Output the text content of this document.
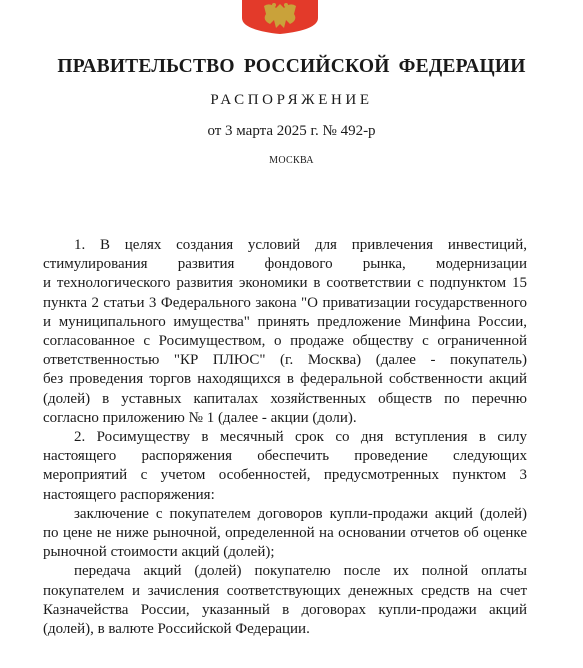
ПРАВИТЕЛЬСТВО РОССИЙСКОЙ ФЕДЕРАЦИИ
РАСПОРЯЖЕНИЕ
от 3 марта 2025 г. № 492-р
МОСКВА
1. В целях создания условий для привлечения инвестиций,
стимулирования развития фондового рынка, модернизации
и технологического развития экономики в соответствии с подпунктом 15
пункта 2 статьи 3 Федерального закона "О приватизации государственного
и муниципального имущества" принять предложение Минфина России,
согласованное с Росимуществом, о продаже обществу с ограниченной
ответственностью "КР ПЛЮС" (г. Москва) (далее - покупатель)
без проведения торгов находящихся в федеральной собственности акций
(долей) в уставных капиталах хозяйственных обществ по перечню
согласно приложению № 1 (далее - акции (доли).
2. Росимуществу в месячный срок со дня вступления в силу
настоящего распоряжения обеспечить проведение следующих
мероприятий с учетом особенностей, предусмотренных пунктом 3
настоящего распоряжения:
заключение с покупателем договоров купли-продажи акций (долей)
по цене не ниже рыночной, определенной на основании отчетов об оценке
рыночной стоимости акций (долей);
передача акций (долей) покупателю после их полной оплаты
покупателем и зачисления соответствующих денежных средств на счет
Казначейства России, указанный в договорах купли-продажи акций
(долей), в валюте Российской Федерации.
